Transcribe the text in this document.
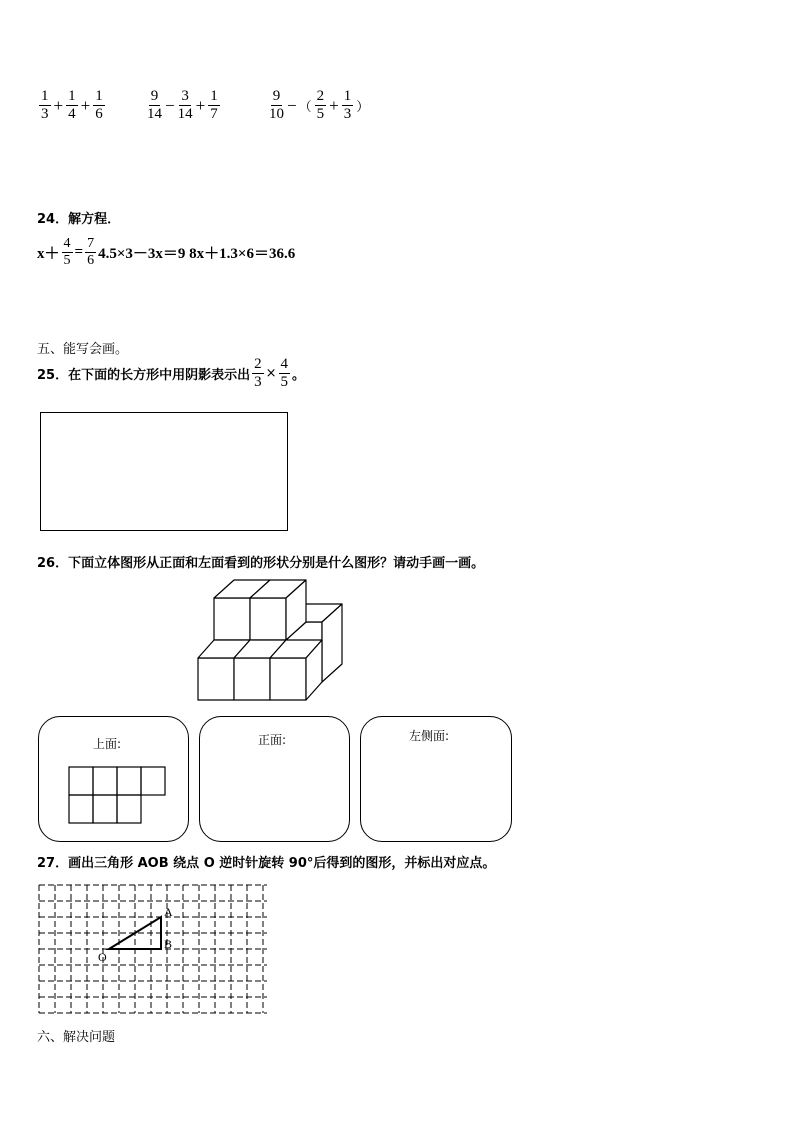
$\frac{1}{3} + \frac{1}{4} + \frac{1}{6}$	$\frac{9}{14} - \frac{3}{14} + \frac{1}{7}$	$\frac{9}{10}$ − （ $\frac{2}{5} + \frac{1}{3}$ ）
24．解方程．
$x+ \frac{4}{5} = \frac{7}{6} 4.5\times 3-3x=9$ 8x＋1.3×6＝36.6
五、能写会画。
25．在下面的长方形中用阴影表示出 $\frac{2}{3} \times \frac{4}{5}$ 。
26．下面立体图形从正面和左面看到的形状分别是什么图形？请动手画一画。
上面:	正面:	左侧面:
27．画出三角形 AOB 绕点 O 逆时针旋转 90°后得到的图形，并标出对应点。
A
B
O
六、解决问题
